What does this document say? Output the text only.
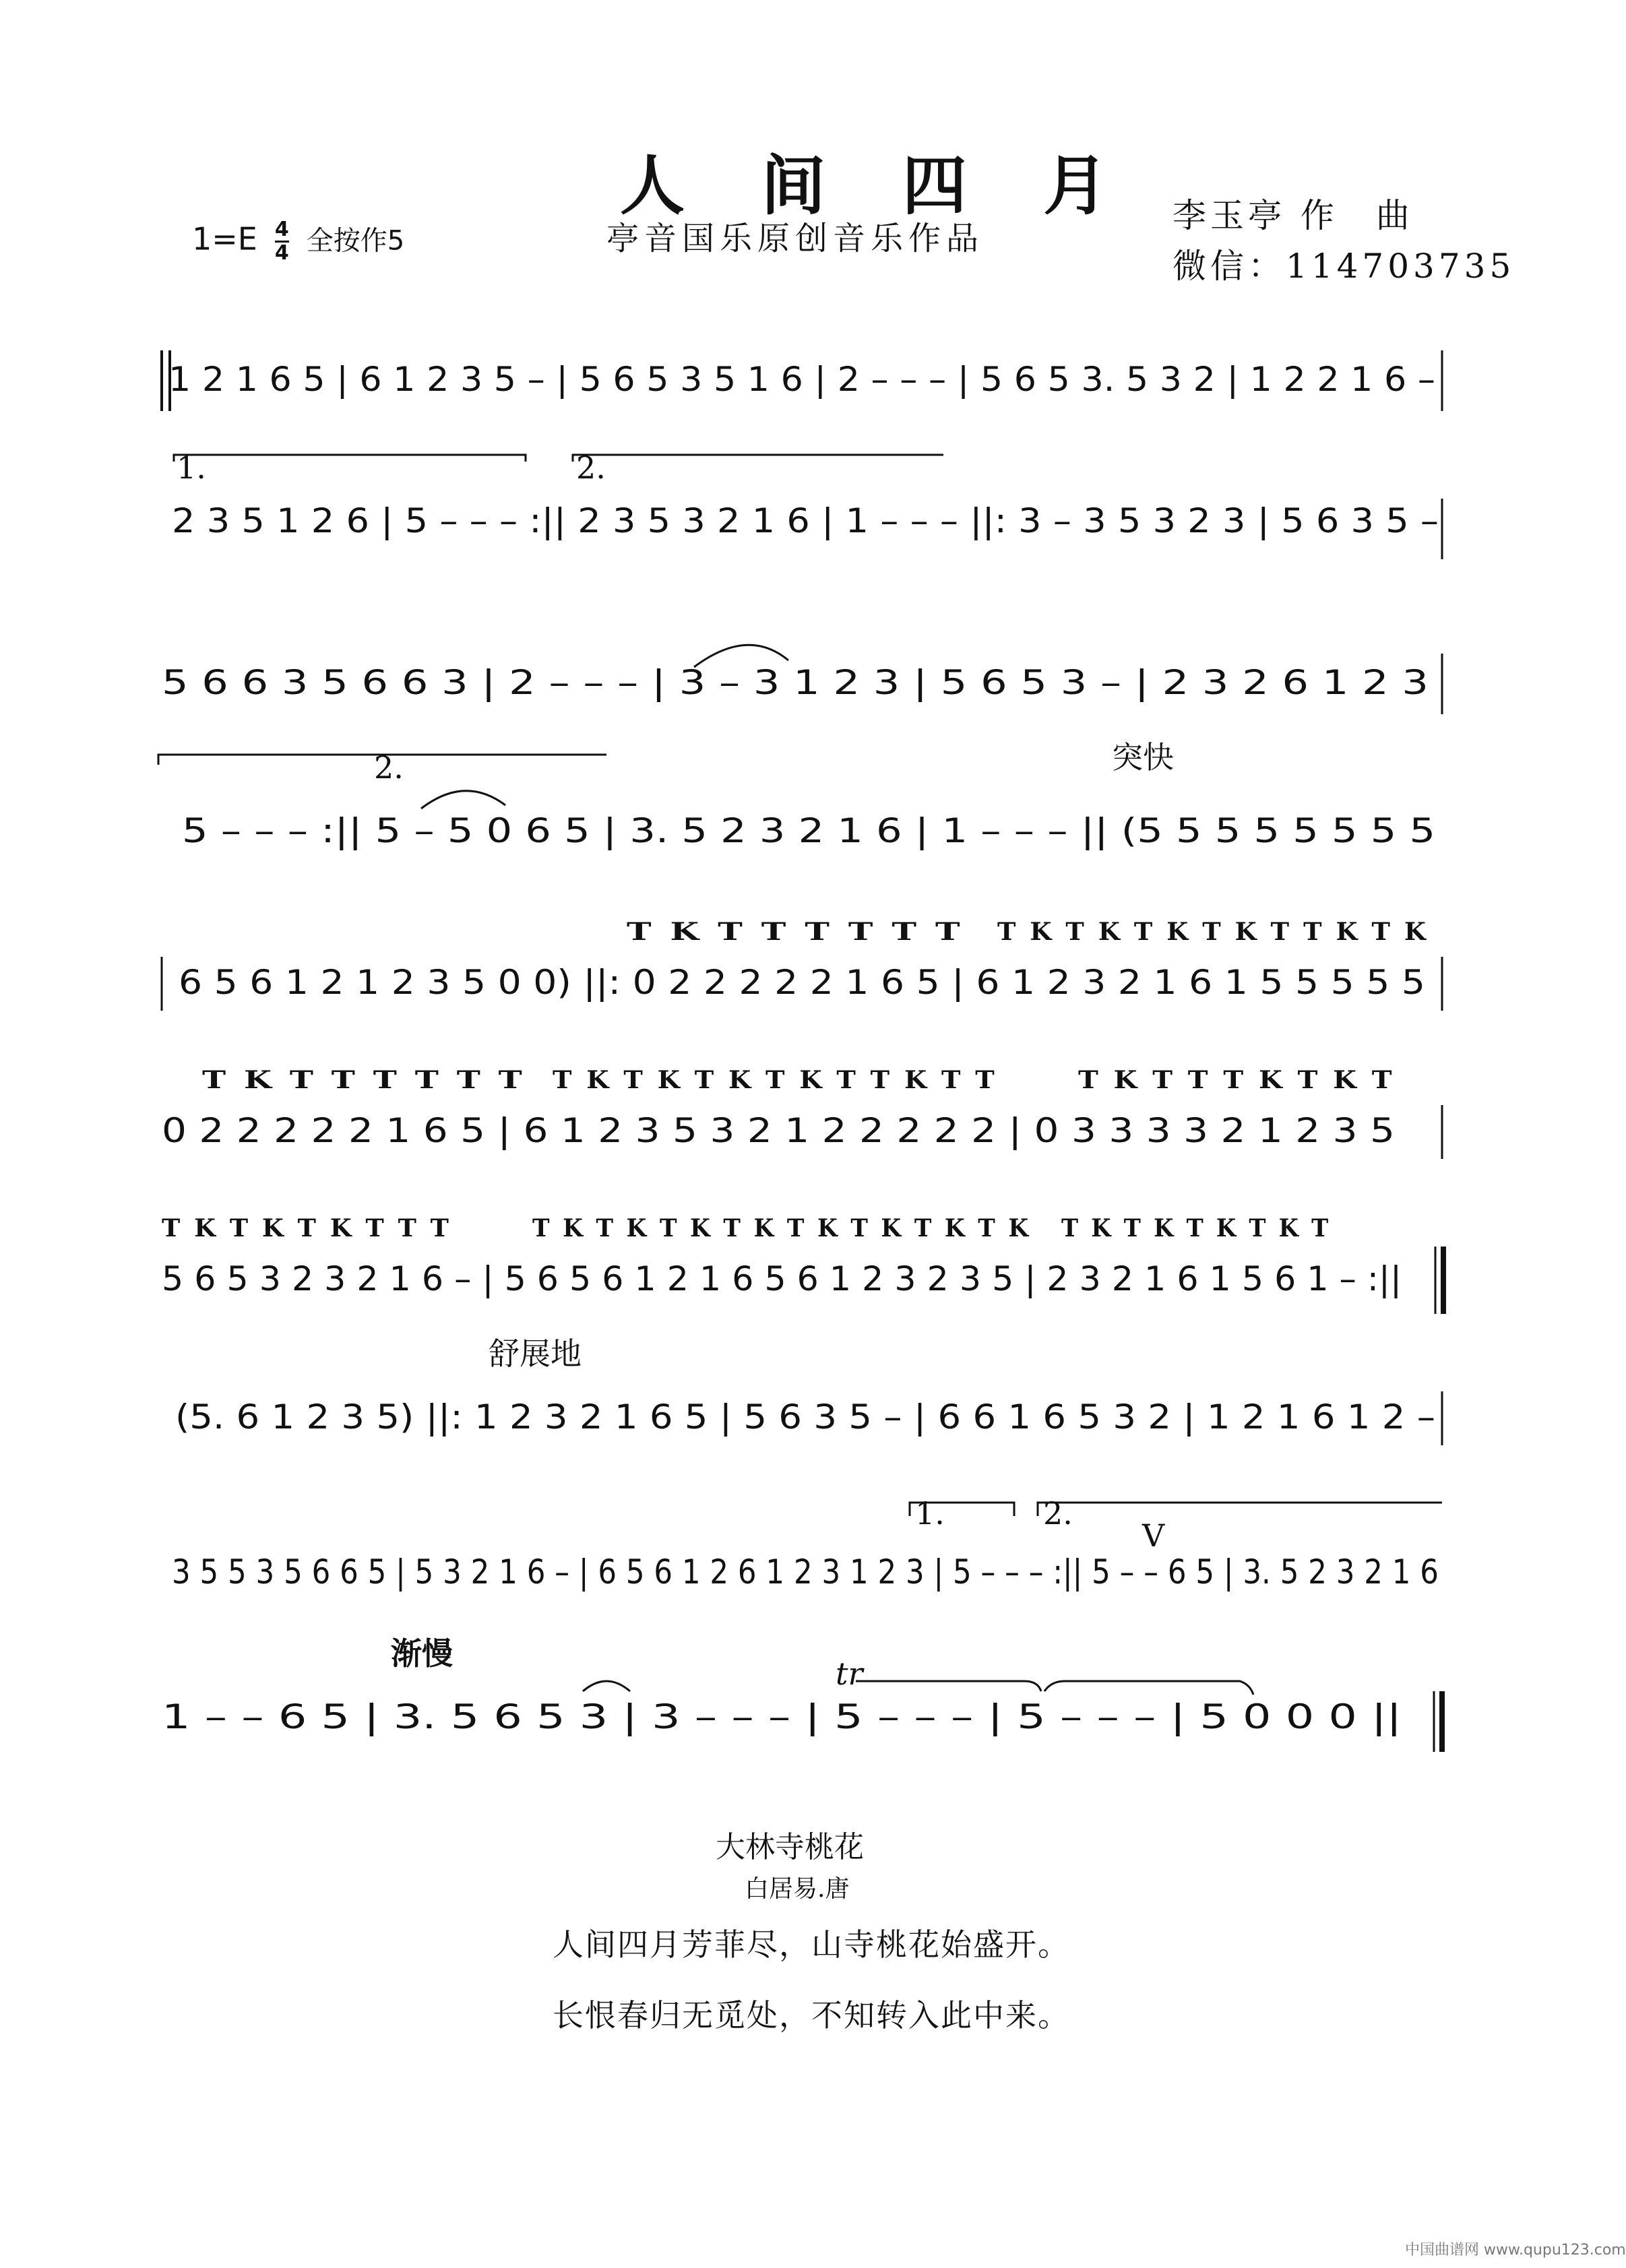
人 间 四 月
亭音国乐原创音乐作品
$1=E \frac{4}{4}$ 全按作5
李玉亭 作　曲
微信：114703735
1 2 1 6 5 | 6 1 2 3 5 – | 5 6 5 3 5 1 6 | 2 – – – | 5 6 5 3. 5 3 2 | 1 2 2 1 6 –
1.	2.
2 3 5 1 2 6 | 5 – – – :|| 2 3 5 3 2 1 6 | 1 – – – ||: 3 – 3 5 3 2 3 | 5 6 3 5 –
5 6 6 3 5 6 6 3 | 2 – – – | 3 – 3 1 2 3 | 5 6 5 3 – | 2 3 2 6 1 2 3
2.	突快
5 – – – :|| 5 – 5 0 6 5 | 3. 5 2 3 2 1 6 | 1 – – – || (5 5 5 5 5 5 5 5
T K T T T T T T T K T K T K T K T T K T K
6 5 6 1 2 1 2 3 5 0 0) ||: 0 2 2 2 2 2 1 6 5 | 6 1 2 3 2 1 6 1 5 5 5 5 5
T K T T T T T T T K T K T K T K T T K T T	T K T T T K T K T
0 2 2 2 2 2 1 6 5 | 6 1 2 3 5 3 2 1 2 2 2 2 2 | 0 3 3 3 3 2 1 2 3 5
T K T K T K T T T	T K T K T K T K T K T K T K T K T K T K T K T K T
5 6 5 3 2 3 2 1 6 – | 5 6 5 6 1 2 1 6 5 6 1 2 3 2 3 5 | 2 3 2 1 6 1 5 6 1 – :||
舒展地
(5. 6 1 2 3 5) ||: 1 2 3 2 1 6 5 | 5 6 3 5 – | 6 6 1 6 5 3 2 | 1 2 1 6 1 2 –
1.	2.
V
3 5 5 3 5 6 6 5 | 5 3 2 1 6 – | 6 5 6 1 2 6 1 2 3 1 2 3 | 5 – – – :|| 5 – – 6 5 | 3. 5 2 3 2 1 6
渐慢
tr
1 – – 6 5 | 3. 5 6 5 3 | 3 – – – | 5 – – – | 5 – – – | 5 0 0 0 ||
大林寺桃花
白居易.唐
人间四月芳菲尽，山寺桃花始盛开。
长恨春归无觅处，不知转入此中来。
中国曲谱网 www.qupu123.com
